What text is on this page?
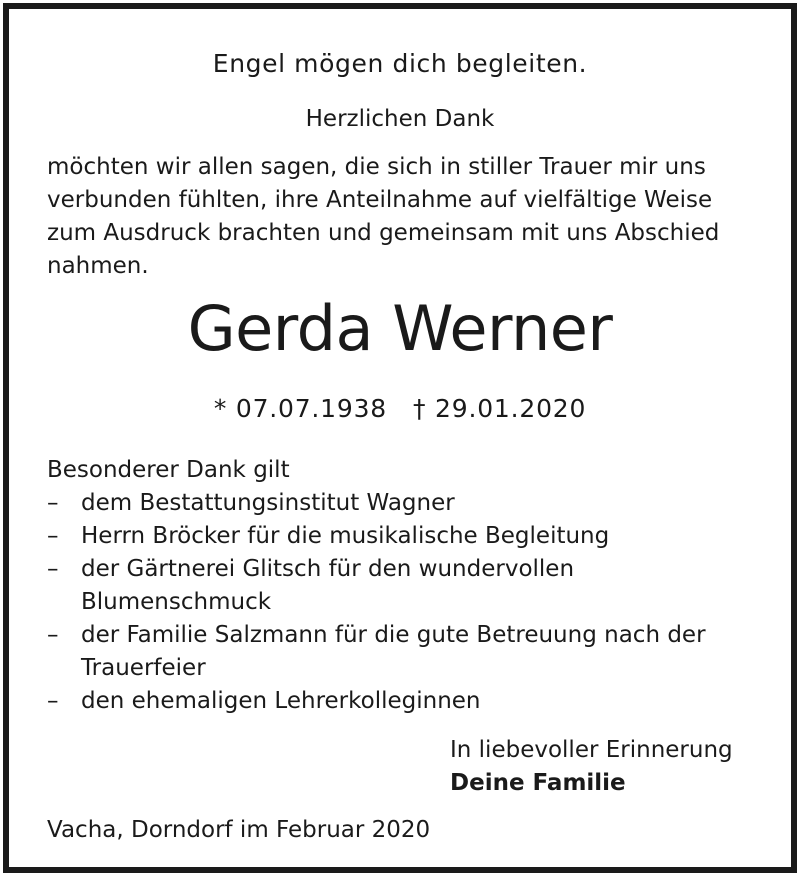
Engel mögen dich begleiten.
Herzlichen Dank
möchten wir allen sagen, die sich in stiller Trauer mir uns
verbunden fühlten, ihre Anteilnahme auf vielfältige Weise
zum Ausdruck brachten und gemeinsam mit uns Abschied
nahmen.
Gerda Werner
* 07.07.1938 † 29.01.2020
Besonderer Dank gilt
– dem Bestattungsinstitut Wagner
– Herrn Bröcker für die musikalische Begleitung
– der Gärtnerei Glitsch für den wundervollen
Blumenschmuck
– der Familie Salzmann für die gute Betreuung nach der
Trauerfeier
– den ehemaligen Lehrerkolleginnen
In liebevoller Erinnerung
Deine Familie
Vacha, Dorndorf im Februar 2020
